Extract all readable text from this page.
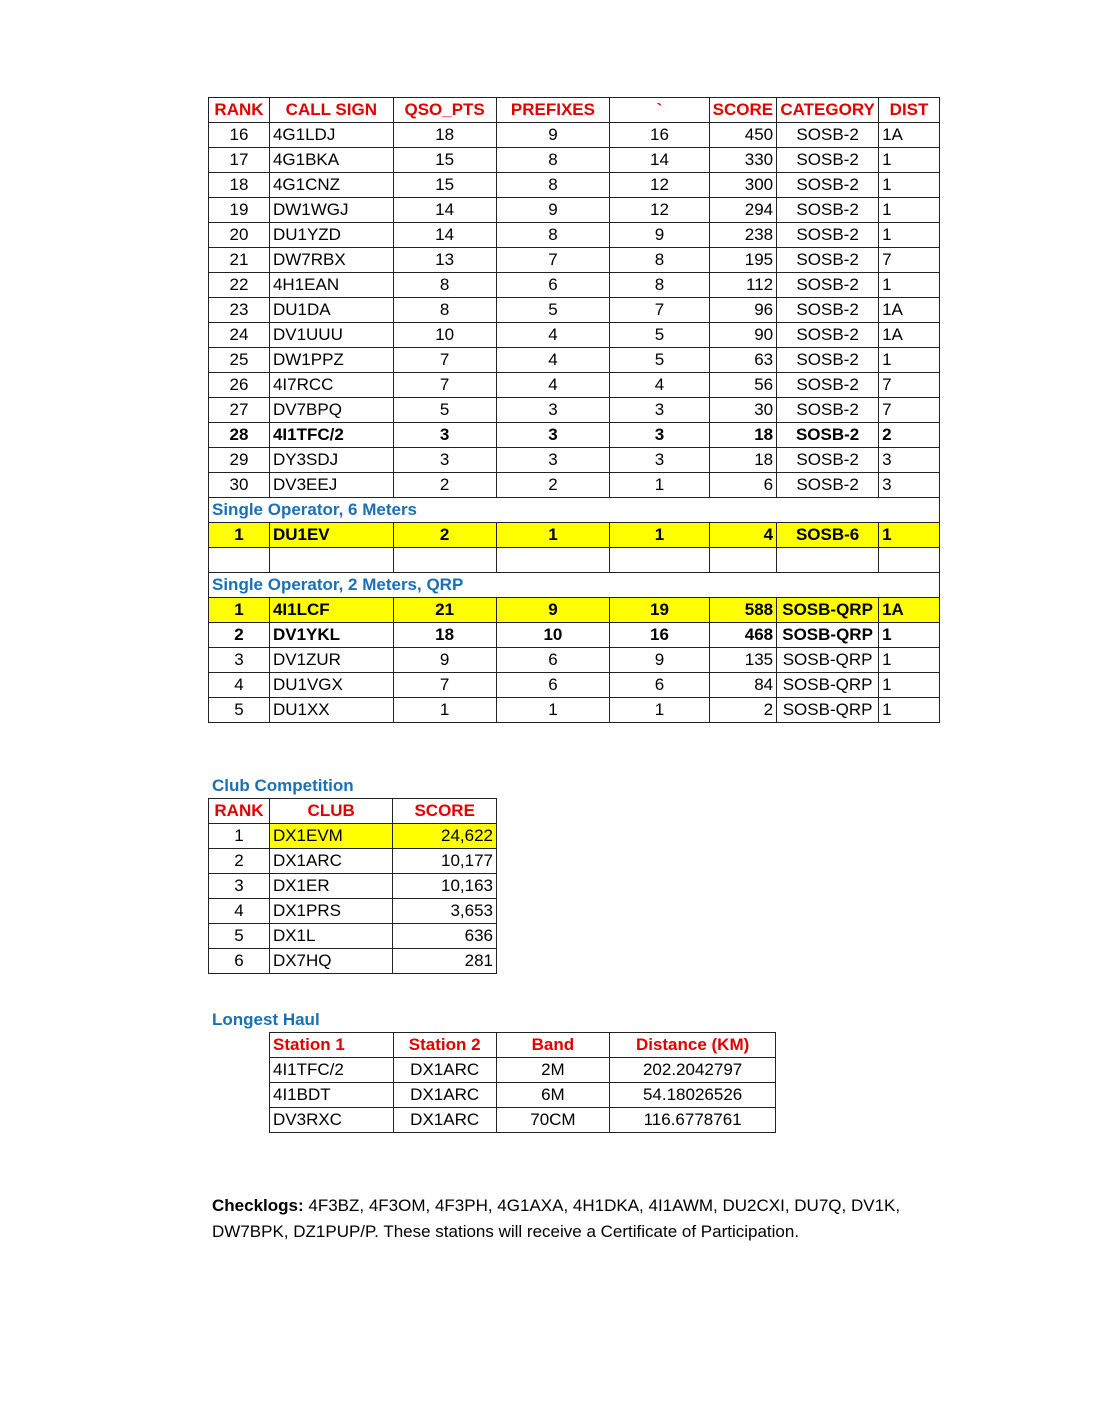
RANK	CALL SIGN	QSO_PTS	PREFIXES	`	SCORE	CATEGORY	DIST
16	4G1LDJ	18	9	16	450	SOSB-2	1A
17	4G1BKA	15	8	14	330	SOSB-2	1
18	4G1CNZ	15	8	12	300	SOSB-2	1
19	DW1WGJ	14	9	12	294	SOSB-2	1
20	DU1YZD	14	8	9	238	SOSB-2	1
21	DW7RBX	13	7	8	195	SOSB-2	7
22	4H1EAN	8	6	8	112	SOSB-2	1
23	DU1DA	8	5	7	96	SOSB-2	1A
24	DV1UUU	10	4	5	90	SOSB-2	1A
25	DW1PPZ	7	4	5	63	SOSB-2	1
26	4I7RCC	7	4	4	56	SOSB-2	7
27	DV7BPQ	5	3	3	30	SOSB-2	7
28	4I1TFC/2	3	3	3	18	SOSB-2	2
29	DY3SDJ	3	3	3	18	SOSB-2	3
30	DV3EEJ	2	2	1	6	SOSB-2	3
Single Operator, 6 Meters							
1	DU1EV	2	1	1	4	SOSB-6	1

Single Operator, 2 Meters, QRP							
1	4I1LCF	21	9	19	588	SOSB-QRP	1A
2	DV1YKL	18	10	16	468	SOSB-QRP	1
3	DV1ZUR	9	6	9	135	SOSB-QRP	1
4	DU1VGX	7	6	6	84	SOSB-QRP	1
5	DU1XX	1	1	1	2	SOSB-QRP	1
Club Competition
RANK	CLUB	SCORE
1	DX1EVM	24,622
2	DX1ARC	10,177
3	DX1ER	10,163
4	DX1PRS	3,653
5	DX1L	636
6	DX7HQ	281
Longest Haul
Station 1	Station 2	Band	Distance (KM)
4I1TFC/2	DX1ARC	2M	202.2042797
4I1BDT	DX1ARC	6M	54.18026526
DV3RXC	DX1ARC	70CM	116.6778761
Checklogs: 4F3BZ, 4F3OM, 4F3PH, 4G1AXA, 4H1DKA, 4I1AWM, DU2CXI, DU7Q, DV1K, DW7BPK, DZ1PUP/P. These stations will receive a Certificate of Participation.
